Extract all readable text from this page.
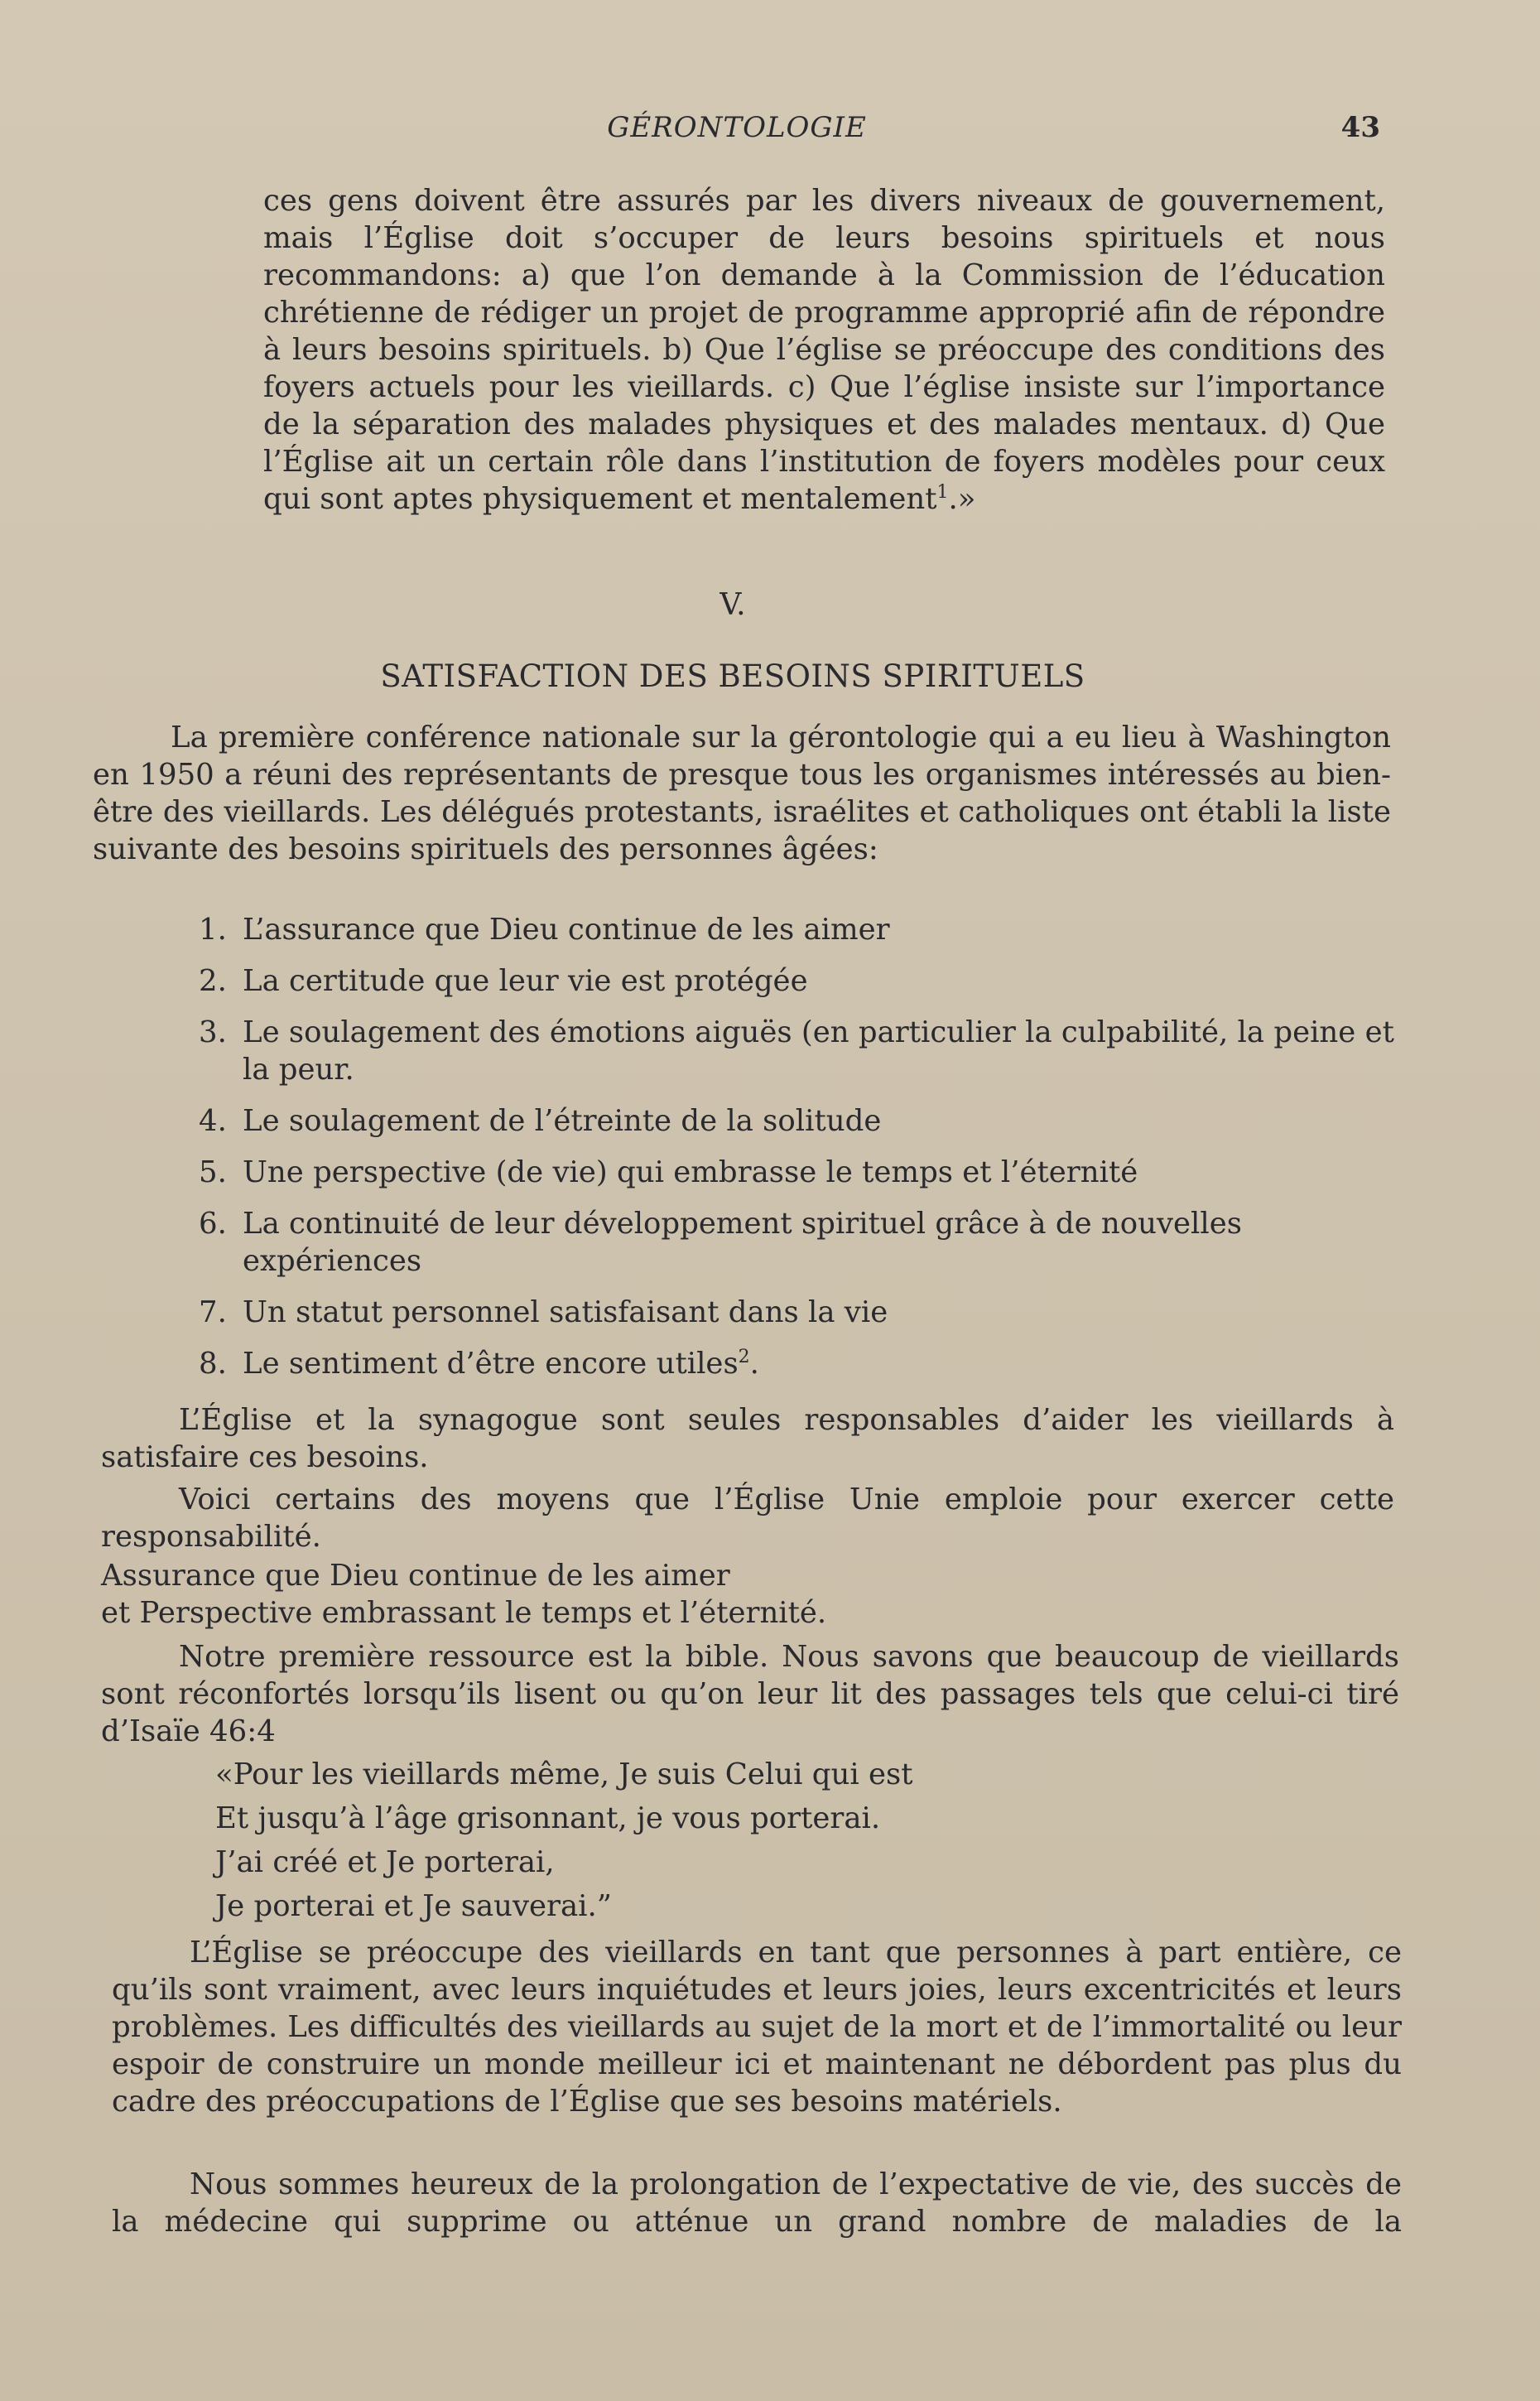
GÉRONTOLOGIE	43

ces gens doivent être assurés par les divers niveaux de gouvernement, mais l’Église doit s’occuper de leurs besoins spirituels et nous recommandons: a) que l’on demande à la Commission de l’éducation chrétienne de rédiger un projet de programme approprié afin de répondre à leurs besoins spirituels. b) Que l’église se préoccupe des conditions des foyers actuels pour les vieillards. c) Que l’église insiste sur l’importance de la séparation des malades physiques et des malades mentaux. d) Que l’Église ait un certain rôle dans l’institution de foyers modèles pour ceux qui sont aptes physiquement et mentalement$^1$.»

V.
SATISFACTION DES BESOINS SPIRITUELS

La première conférence nationale sur la gérontologie qui a eu lieu à Washington en 1950 a réuni des représentants de presque tous les organismes intéressés au bien-être des vieillards. Les délégués protestants, israélites et catholiques ont établi la liste suivante des besoins spirituels des personnes âgées:

1. L’assurance que Dieu continue de les aimer
2. La certitude que leur vie est protégée
3. Le soulagement des émotions aiguës (en particulier la culpabilité, la peine et la peur.
4. Le soulagement de l’étreinte de la solitude
5. Une perspective (de vie) qui embrasse le temps et l’éternité
6. La continuité de leur développement spirituel grâce à de nouvelles expériences
7. Un statut personnel satisfaisant dans la vie
8. Le sentiment d’être encore utiles$^2$.

L’Église et la synagogue sont seules responsables d’aider les vieillards à satisfaire ces besoins.

Voici certains des moyens que l’Église Unie emploie pour exercer cette responsabilité.

Assurance que Dieu continue de les aimer
et Perspective embrassant le temps et l’éternité.

Notre première ressource est la bible. Nous savons que beaucoup de vieillards sont réconfortés lorsqu’ils lisent ou qu’on leur lit des passages tels que celui-ci tiré d’Isaïe 46:4

«Pour les vieillards même, Je suis Celui qui est
Et jusqu’à l’âge grisonnant, je vous porterai.
J’ai créé et Je porterai,
Je porterai et Je sauverai.”

L’Église se préoccupe des vieillards en tant que personnes à part entière, ce qu’ils sont vraiment, avec leurs inquiétudes et leurs joies, leurs excentricités et leurs problèmes. Les difficultés des vieillards au sujet de la mort et de l’immortalité ou leur espoir de construire un monde meilleur ici et maintenant ne débordent pas plus du cadre des préoccupations de l’Église que ses besoins matériels.

Nous sommes heureux de la prolongation de l’expectative de vie, des succès de la médecine qui supprime ou atténue un grand nombre de maladies de la
